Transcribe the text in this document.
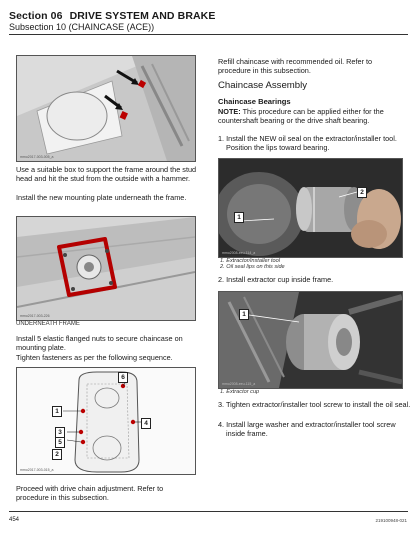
Section 06 DRIVE SYSTEM AND BRAKE
Subsection 10 (CHAINCASE (ACE))
mmo2017-003-005_a
Use a suitable box to support the frame around the stud head and hit the stud from the outside with a hammer.
Install the new mounting plate underneath the frame.
mmo2017-003-226
UNDERNEATH FRAME
Install 5 elastic flanged nuts to secure chaincase on mounting plate.
Tighten fasteners as per the following sequence.
6
1
4
3
5
2
mmo2017-003-015_a
Proceed with drive chain adjustment. Refer to procedure in this subsection.
Refill chaincase with recommended oil. Refer to procedure in this subsection.
Chaincase Assembly
Chaincase Bearings
NOTE: This procedure can be applied either for the countershaft bearing or the drive shaft bearing.
1. Install the NEW oil seal on the extractor/installer tool. Position the lips toward bearing.
1
2
mmo2008-eeu-114_a
1. Extractor/installer tool
2. Oil seal lips on this side
2. Install extractor cup inside frame.
1
mmo2008-eeu-115_a
1. Extractor cup
3. Tighten extractor/installer tool screw to install the oil seal.
4. Install large washer and extractor/installer tool screw inside frame.
454	219100948-021
